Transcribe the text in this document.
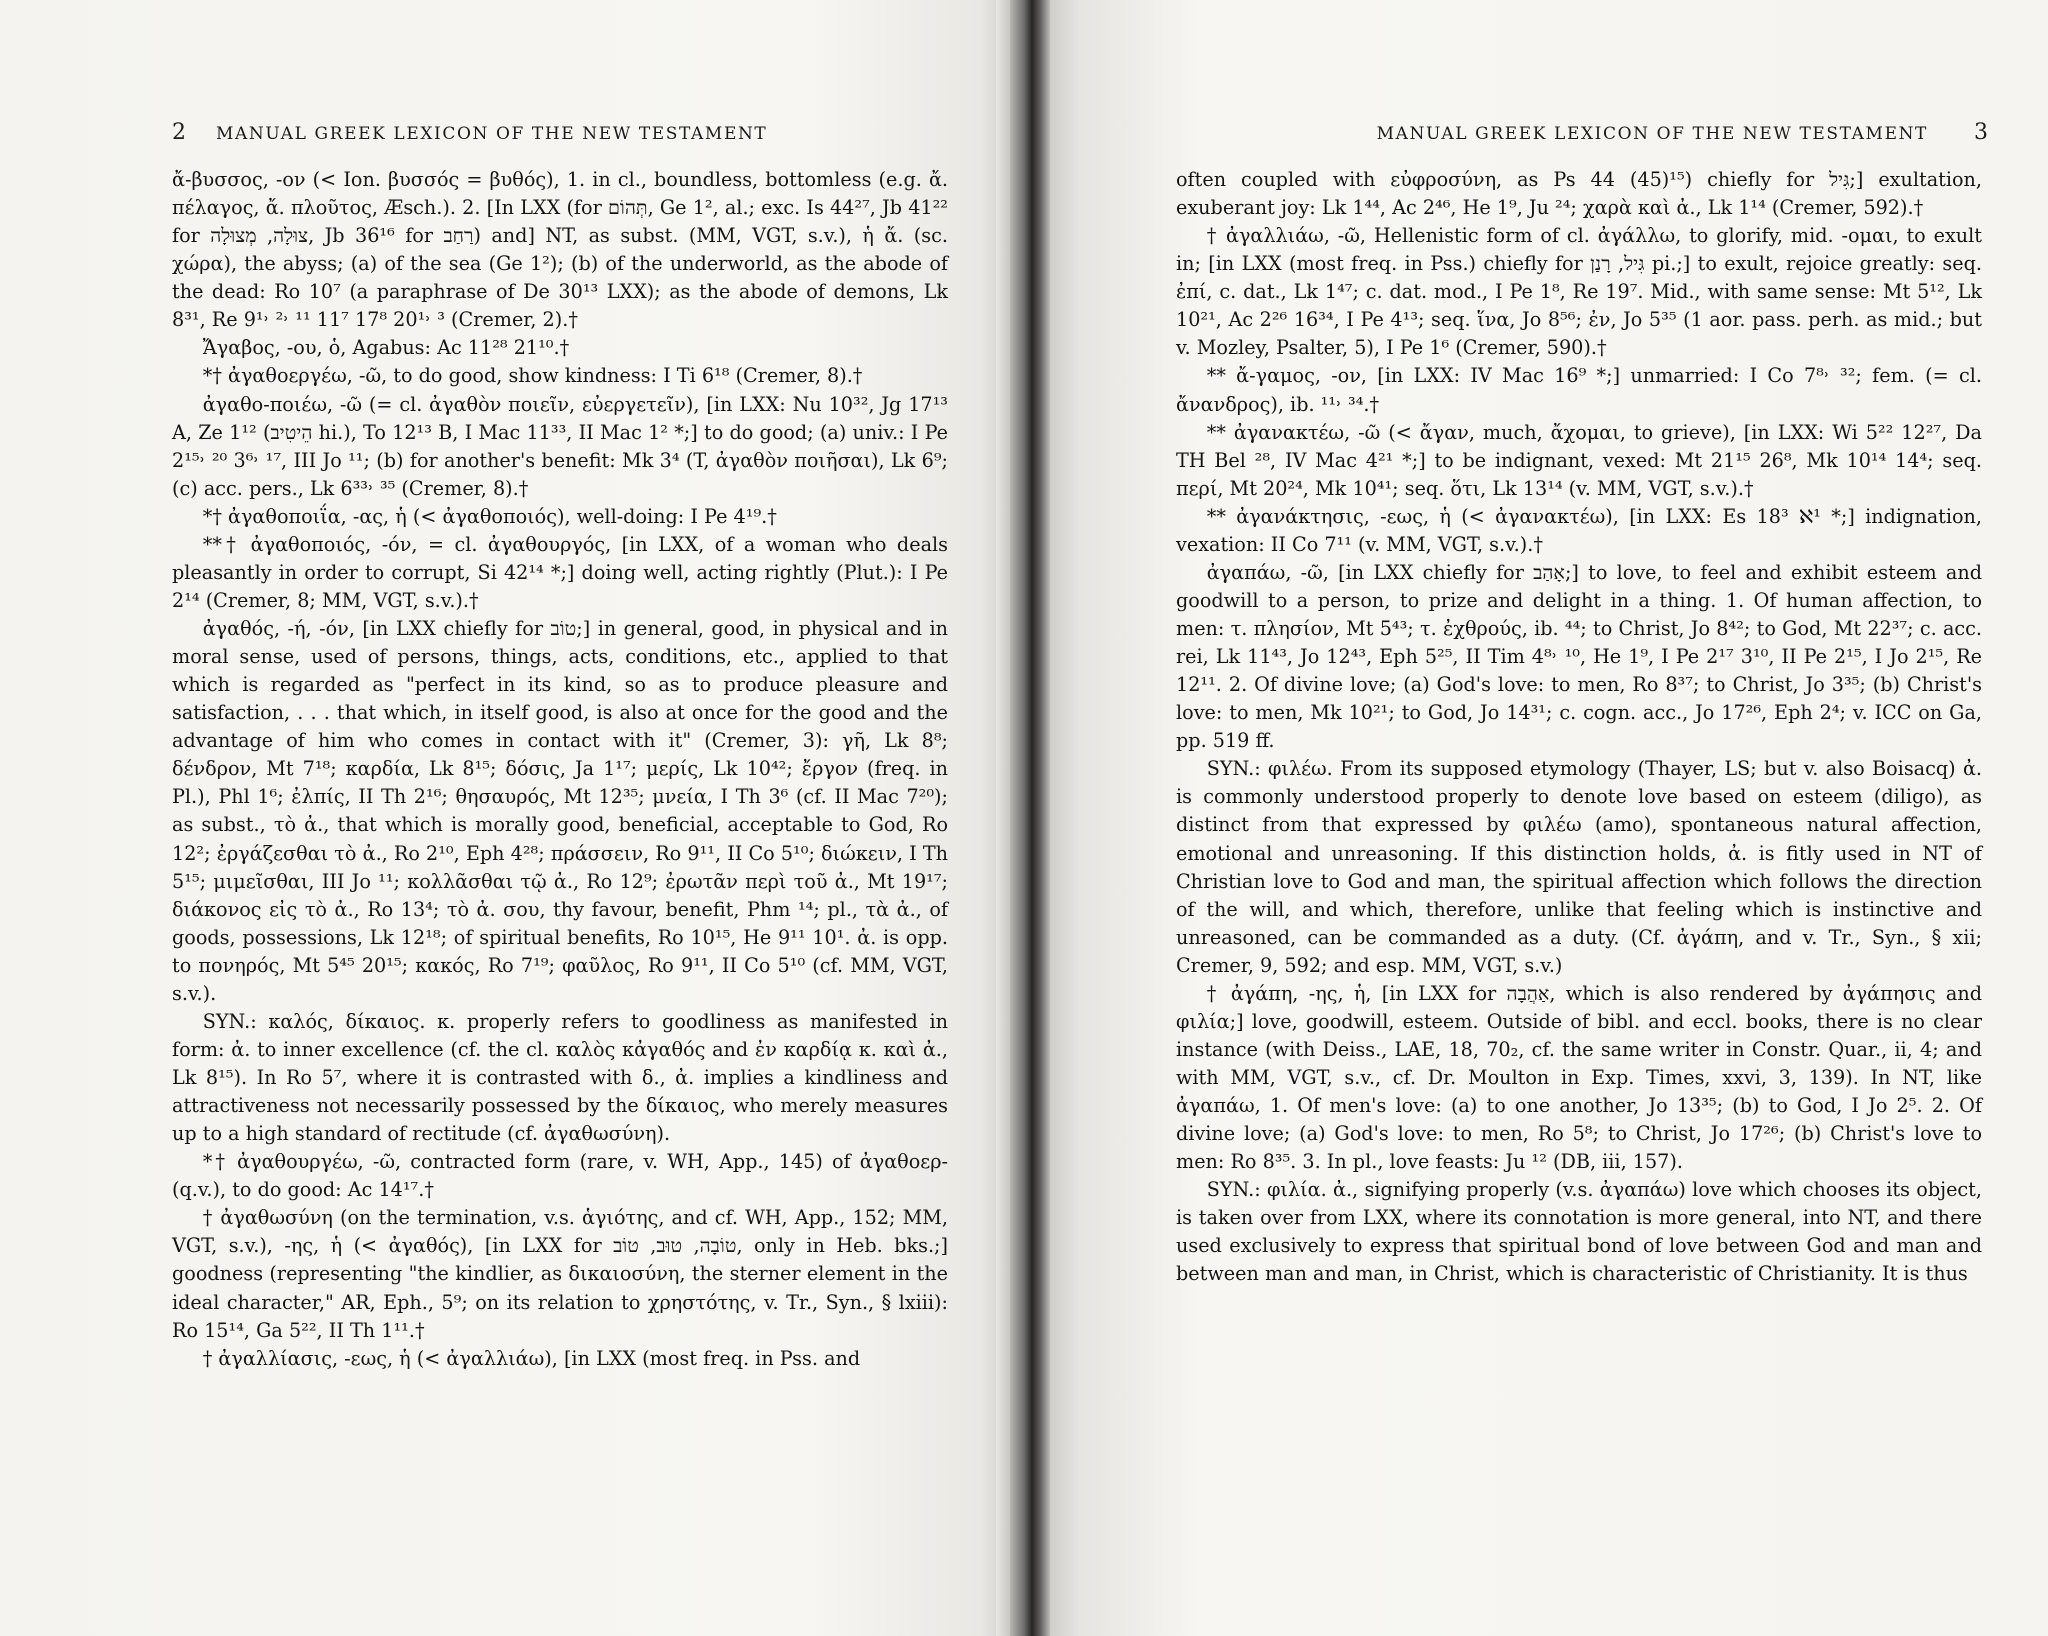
2 MANUAL GREEK LEXICON OF THE NEW TESTAMENT

ἄ-βυσσος, -ον (< Ion. βυσσός = βυθός), 1. in cl., boundless, bottomless (e.g. ἄ. πέλαγος, ἄ. πλοῦτος, Æsch.). 2. [In LXX (for תְּהוֹם, Ge 1², al.; exc. Is 44²⁷, Jb 41²² for צוּלָה, מְצוּלָה, Jb 36¹⁶ for רַחַב) and] NT, as subst. (MM, VGT, s.v.), ἡ ἄ. (sc. χώρα), the abyss; (a) of the sea (Ge 1²); (b) of the underworld, as the abode of the dead: Ro 10⁷ (a paraphrase of De 30¹³ LXX); as the abode of demons, Lk 8³¹, Re 9¹˒ ²˒ ¹¹ 11⁷ 17⁸ 20¹˒ ³ (Cremer, 2).†

Ἄγαβος, -ου, ὁ, Agabus: Ac 11²⁸ 21¹⁰.†

*† ἀγαθοεργέω, -ῶ, to do good, show kindness: I Ti 6¹⁸ (Cremer, 8).†

ἀγαθο-ποιέω, -ῶ (= cl. ἀγαθὸν ποιεῖν, εὐεργετεῖν), [in LXX: Nu 10³², Jg 17¹³ A, Ze 1¹² (הֵיטִיב hi.), To 12¹³ B, I Mac 11³³, II Mac 1² *;] to do good; (a) univ.: I Pe 2¹⁵˒ ²⁰ 3⁶˒ ¹⁷, III Jo ¹¹; (b) for another's benefit: Mk 3⁴ (T, ἀγαθὸν ποιῆσαι), Lk 6⁹; (c) acc. pers., Lk 6³³˒ ³⁵ (Cremer, 8).†

*† ἀγαθοποιΐα, -ας, ἡ (< ἀγαθοποιός), well-doing: I Pe 4¹⁹.†

**† ἀγαθοποιός, -όν, = cl. ἀγαθουργός, [in LXX, of a woman who deals pleasantly in order to corrupt, Si 42¹⁴ *;] doing well, acting rightly (Plut.): I Pe 2¹⁴ (Cremer, 8; MM, VGT, s.v.).†

ἀγαθός, -ή, -όν, [in LXX chiefly for טוֹב;] in general, good, in physical and in moral sense, used of persons, things, acts, conditions, etc., applied to that which is regarded as "perfect in its kind, so as to produce pleasure and satisfaction, . . . that which, in itself good, is also at once for the good and the advantage of him who comes in contact with it" (Cremer, 3): γῆ, Lk 8⁸; δένδρον, Mt 7¹⁸; καρδία, Lk 8¹⁵; δόσις, Ja 1¹⁷; μερίς, Lk 10⁴²; ἔργον (freq. in Pl.), Phl 1⁶; ἐλπίς, II Th 2¹⁶; θησαυρός, Mt 12³⁵; μνεία, I Th 3⁶ (cf. II Mac 7²⁰); as subst., τὸ ἀ., that which is morally good, beneficial, acceptable to God, Ro 12²; ἐργάζεσθαι τὸ ἀ., Ro 2¹⁰, Eph 4²⁸; πράσσειν, Ro 9¹¹, II Co 5¹⁰; διώκειν, I Th 5¹⁵; μιμεῖσθαι, III Jo ¹¹; κολλᾶσθαι τῷ ἀ., Ro 12⁹; ἐρωτᾶν περὶ τοῦ ἀ., Mt 19¹⁷; διάκονος εἰς τὸ ἀ., Ro 13⁴; τὸ ἀ. σου, thy favour, benefit, Phm ¹⁴; pl., τὰ ἀ., of goods, possessions, Lk 12¹⁸; of spiritual benefits, Ro 10¹⁵, He 9¹¹ 10¹. ἀ. is opp. to πονηρός, Mt 5⁴⁵ 20¹⁵; κακός, Ro 7¹⁹; φαῦλος, Ro 9¹¹, II Co 5¹⁰ (cf. MM, VGT, s.v.).

SYN.: καλός, δίκαιος. κ. properly refers to goodliness as manifested in form: ἀ. to inner excellence (cf. the cl. καλὸς κἀγαθός and ἐν καρδίᾳ κ. καὶ ἀ., Lk 8¹⁵). In Ro 5⁷, where it is contrasted with δ., ἀ. implies a kindliness and attractiveness not necessarily possessed by the δίκαιος, who merely measures up to a high standard of rectitude (cf. ἀγαθωσύνη).

*† ἀγαθουργέω, -ῶ, contracted form (rare, v. WH, App., 145) of ἀγαθοερ- (q.v.), to do good: Ac 14¹⁷.†

† ἀγαθωσύνη (on the termination, v.s. ἁγιότης, and cf. WH, App., 152; MM, VGT, s.v.), -ης, ἡ (< ἀγαθός), [in LXX for טוֹבָה, טוּב, טוֹב, only in Heb. bks.;] goodness (representing "the kindlier, as δικαιοσύνη, the sterner element in the ideal character," AR, Eph., 5⁹; on its relation to χρηστότης, v. Tr., Syn., § lxiii): Ro 15¹⁴, Ga 5²², II Th 1¹¹.†

† ἀγαλλίασις, -εως, ἡ (< ἀγαλλιάω), [in LXX (most freq. in Pss. and

MANUAL GREEK LEXICON OF THE NEW TESTAMENT 3

often coupled with εὐφροσύνη, as Ps 44 (45)¹⁵) chiefly for גִּיל;] exultation, exuberant joy: Lk 1⁴⁴, Ac 2⁴⁶, He 1⁹, Ju ²⁴; χαρὰ καὶ ἀ., Lk 1¹⁴ (Cremer, 592).†

† ἀγαλλιάω, -ῶ, Hellenistic form of cl. ἀγάλλω, to glorify, mid. -ομαι, to exult in; [in LXX (most freq. in Pss.) chiefly for גִּיל, רָנַן pi.;] to exult, rejoice greatly: seq. ἐπί, c. dat., Lk 1⁴⁷; c. dat. mod., I Pe 1⁸, Re 19⁷. Mid., with same sense: Mt 5¹², Lk 10²¹, Ac 2²⁶ 16³⁴, I Pe 4¹³; seq. ἵνα, Jo 8⁵⁶; ἐν, Jo 5³⁵ (1 aor. pass. perh. as mid.; but v. Mozley, Psalter, 5), I Pe 1⁶ (Cremer, 590).†

** ἄ-γαμος, -ον, [in LXX: IV Mac 16⁹ *;] unmarried: I Co 7⁸˒ ³²; fem. (= cl. ἄνανδρος), ib. ¹¹˒ ³⁴.†

** ἀγανακτέω, -ῶ (< ἄγαν, much, ἄχομαι, to grieve), [in LXX: Wi 5²² 12²⁷, Da TH Bel ²⁸, IV Mac 4²¹ *;] to be indignant, vexed: Mt 21¹⁵ 26⁸, Mk 10¹⁴ 14⁴; seq. περί, Mt 20²⁴, Mk 10⁴¹; seq. ὅτι, Lk 13¹⁴ (v. MM, VGT, s.v.).†

** ἀγανάκτησις, -εως, ἡ (< ἀγανακτέω), [in LXX: Es 18³ ℵ¹ *;] indignation, vexation: II Co 7¹¹ (v. MM, VGT, s.v.).†

ἀγαπάω, -ῶ, [in LXX chiefly for אָהַב;] to love, to feel and exhibit esteem and goodwill to a person, to prize and delight in a thing. 1. Of human affection, to men: τ. πλησίον, Mt 5⁴³; τ. ἐχθρούς, ib. ⁴⁴; to Christ, Jo 8⁴²; to God, Mt 22³⁷; c. acc. rei, Lk 11⁴³, Jo 12⁴³, Eph 5²⁵, II Tim 4⁸˒ ¹⁰, He 1⁹, I Pe 2¹⁷ 3¹⁰, II Pe 2¹⁵, I Jo 2¹⁵, Re 12¹¹. 2. Of divine love; (a) God's love: to men, Ro 8³⁷; to Christ, Jo 3³⁵; (b) Christ's love: to men, Mk 10²¹; to God, Jo 14³¹; c. cogn. acc., Jo 17²⁶, Eph 2⁴; v. ICC on Ga, pp. 519 ff.

SYN.: φιλέω. From its supposed etymology (Thayer, LS; but v. also Boisacq) ἀ. is commonly understood properly to denote love based on esteem (diligo), as distinct from that expressed by φιλέω (amo), spontaneous natural affection, emotional and unreasoning. If this distinction holds, ἀ. is fitly used in NT of Christian love to God and man, the spiritual affection which follows the direction of the will, and which, therefore, unlike that feeling which is instinctive and unreasoned, can be commanded as a duty. (Cf. ἀγάπη, and v. Tr., Syn., § xii; Cremer, 9, 592; and esp. MM, VGT, s.v.)

† ἀγάπη, -ης, ἡ, [in LXX for אַהֲבָה, which is also rendered by ἀγάπησις and φιλία;] love, goodwill, esteem. Outside of bibl. and eccl. books, there is no clear instance (with Deiss., LAE, 18, 70₂, cf. the same writer in Constr. Quar., ii, 4; and with MM, VGT, s.v., cf. Dr. Moulton in Exp. Times, xxvi, 3, 139). In NT, like ἀγαπάω, 1. Of men's love: (a) to one another, Jo 13³⁵; (b) to God, I Jo 2⁵. 2. Of divine love; (a) God's love: to men, Ro 5⁸; to Christ, Jo 17²⁶; (b) Christ's love to men: Ro 8³⁵. 3. In pl., love feasts: Ju ¹² (DB, iii, 157).

SYN.: φιλία. ἀ., signifying properly (v.s. ἀγαπάω) love which chooses its object, is taken over from LXX, where its connotation is more general, into NT, and there used exclusively to express that spiritual bond of love between God and man and between man and man, in Christ, which is characteristic of Christianity. It is thus
